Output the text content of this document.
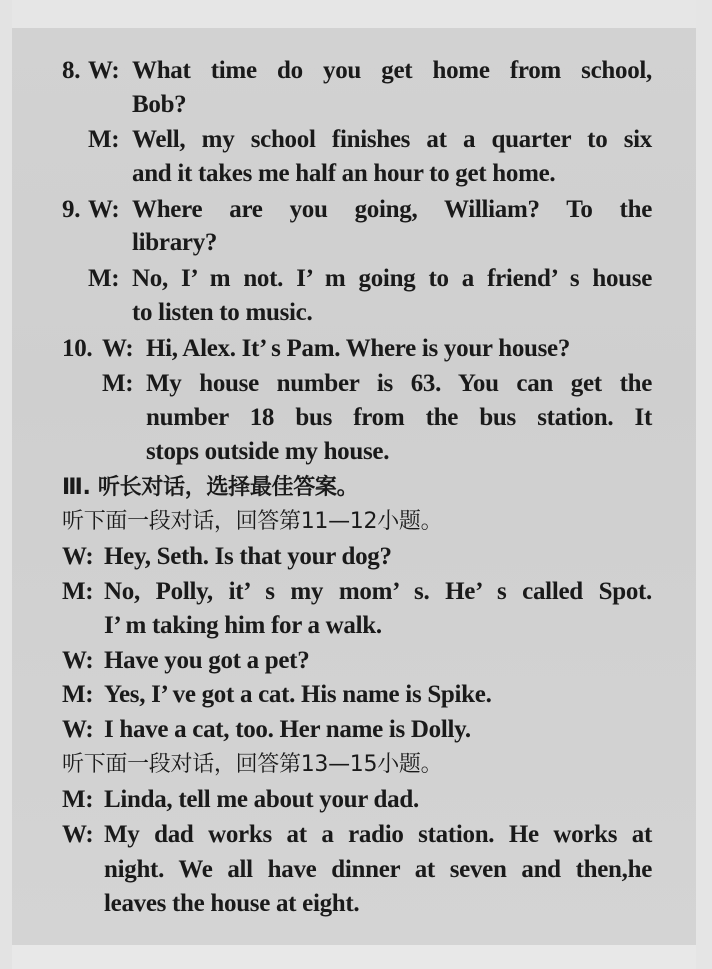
8. W: What time do you get home from school,
Bob?
M: Well, my school finishes at a quarter to six
and it takes me half an hour to get home.
9. W: Where are you going, William? To the
library?
M: No, I’ m not. I’ m going to a friend’ s house
to listen to music.
10. W: Hi, Alex. It’ s Pam. Where is your house?
M: My house number is 63. You can get the
number 18 bus from the bus station. It
stops outside my house.
Ⅲ. 听长对话，选择最佳答案。
听下面一段对话，回答第11—12小题。
W: Hey, Seth. Is that your dog?
M: No, Polly, it’ s my mom’ s. He’ s called Spot.
I’ m taking him for a walk.
W: Have you got a pet?
M: Yes, I’ ve got a cat. His name is Spike.
W: I have a cat, too. Her name is Dolly.
听下面一段对话，回答第13—15小题。
M: Linda, tell me about your dad.
W: My dad works at a radio station. He works at
night. We all have dinner at seven and then,he
leaves the house at eight.
